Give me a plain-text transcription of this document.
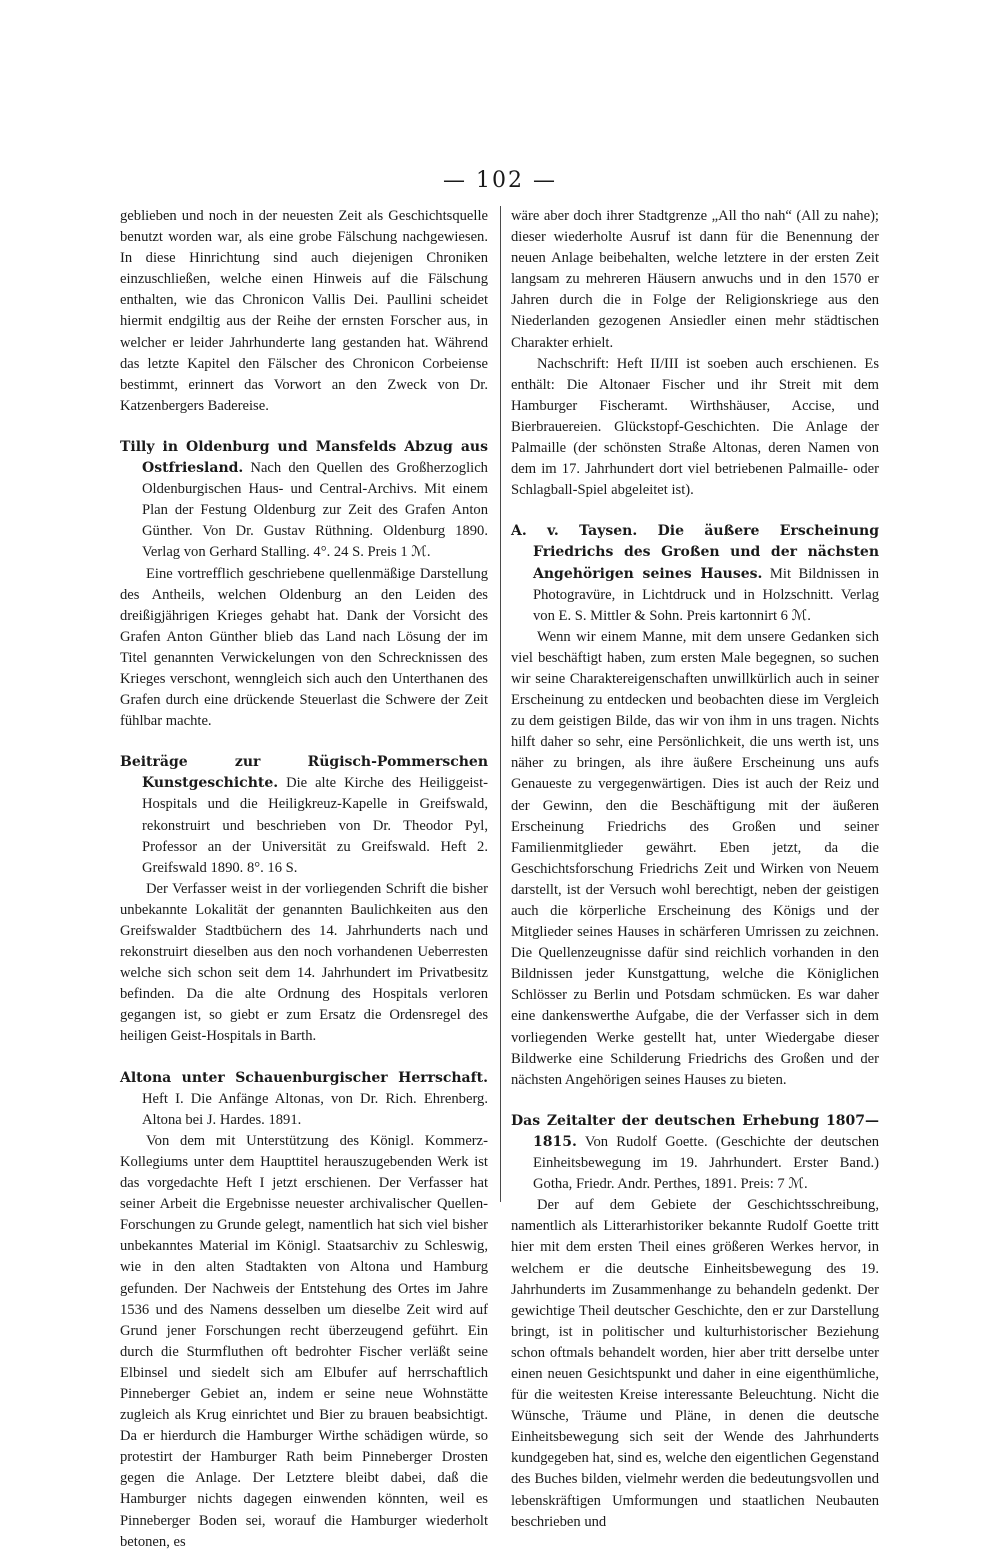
— 102 —

geblieben und noch in der neuesten Zeit als Geschichtsquelle benutzt worden war, als eine grobe Fälschung nachgewiesen. In diese Hinrichtung sind auch diejenigen Chroniken einzuschließen, welche einen Hinweis auf die Fälschung enthalten, wie das Chronicon Vallis Dei. Paullini scheidet hiermit endgiltig aus der Reihe der ernsten Forscher aus, in welcher er leider Jahrhunderte lang gestanden hat. Während das letzte Kapitel den Fälscher des Chronicon Corbeiense bestimmt, erinnert das Vorwort an den Zweck von Dr. Katzenbergers Badereise.

Tilly in Oldenburg und Mansfelds Abzug aus Ostfriesland. Nach den Quellen des Großherzoglich Oldenburgischen Haus- und Central-Archivs. Mit einem Plan der Festung Oldenburg zur Zeit des Grafen Anton Günther. Von Dr. Gustav Rüthning. Oldenburg 1890. Verlag von Gerhard Stalling. 4°. 24 S. Preis 1 ℳ.

Eine vortrefflich geschriebene quellenmäßige Darstellung des Antheils, welchen Oldenburg an den Leiden des dreißigjährigen Krieges gehabt hat. Dank der Vorsicht des Grafen Anton Günther blieb das Land nach Lösung der im Titel genannten Verwickelungen von den Schrecknissen des Krieges verschont, wenngleich sich auch den Unterthanen des Grafen durch eine drückende Steuerlast die Schwere der Zeit fühlbar machte.

Beiträge zur Rügisch-Pommerschen Kunstgeschichte. Die alte Kirche des Heiliggeist-Hospitals und die Heiligkreuz-Kapelle in Greifswald, rekonstruirt und beschrieben von Dr. Theodor Pyl, Professor an der Universität zu Greifswald. Heft 2. Greifswald 1890. 8°. 16 S.

Der Verfasser weist in der vorliegenden Schrift die bisher unbekannte Lokalität der genannten Baulichkeiten aus den Greifswalder Stadtbüchern des 14. Jahrhunderts nach und rekonstruirt dieselben aus den noch vorhandenen Ueberresten welche sich schon seit dem 14. Jahrhundert im Privatbesitz befinden. Da die alte Ordnung des Hospitals verloren gegangen ist, so giebt er zum Ersatz die Ordensregel des heiligen Geist-Hospitals in Barth.

Altona unter Schauenburgischer Herrschaft. Heft I. Die Anfänge Altonas, von Dr. Rich. Ehrenberg. Altona bei J. Hardes. 1891.

Von dem mit Unterstützung des Königl. Kommerz-Kollegiums unter dem Haupttitel herauszugebenden Werk ist das vorgedachte Heft I jetzt erschienen. Der Verfasser hat seiner Arbeit die Ergebnisse neuester archivalischer Quellen-Forschungen zu Grunde gelegt, namentlich hat sich viel bisher unbekanntes Material im Königl. Staatsarchiv zu Schleswig, wie in den alten Stadtakten von Altona und Hamburg gefunden. Der Nachweis der Entstehung des Ortes im Jahre 1536 und des Namens desselben um dieselbe Zeit wird auf Grund jener Forschungen recht überzeugend geführt. Ein durch die Sturmfluthen oft bedrohter Fischer verläßt seine Elbinsel und siedelt sich am Elbufer auf herrschaftlich Pinneberger Gebiet an, indem er seine neue Wohnstätte zugleich als Krug einrichtet und Bier zu brauen beabsichtigt. Da er hierdurch die Hamburger Wirthe schädigen würde, so protestirt der Hamburger Rath beim Pinneberger Drosten gegen die Anlage. Der Letztere bleibt dabei, daß die Hamburger nichts dagegen einwenden könnten, weil es Pinneberger Boden sei, worauf die Hamburger wiederholt betonen, es

wäre aber doch ihrer Stadtgrenze „All tho nah“ (All zu nahe); dieser wiederholte Ausruf ist dann für die Benennung der neuen Anlage beibehalten, welche letztere in der ersten Zeit langsam zu mehreren Häusern anwuchs und in den 1570 er Jahren durch die in Folge der Religionskriege aus den Niederlanden gezogenen Ansiedler einen mehr städtischen Charakter erhielt.

Nachschrift: Heft II/III ist soeben auch erschienen. Es enthält: Die Altonaer Fischer und ihr Streit mit dem Hamburger Fischeramt. Wirthshäuser, Accise, und Bierbrauereien. Glückstopf-Geschichten. Die Anlage der Palmaille (der schönsten Straße Altonas, deren Namen von dem im 17. Jahrhundert dort viel betriebenen Palmaille- oder Schlagball-Spiel abgeleitet ist).

A. v. Taysen. Die äußere Erscheinung Friedrichs des Großen und der nächsten Angehörigen seines Hauses. Mit Bildnissen in Photogravüre, in Lichtdruck und in Holzschnitt. Verlag von E. S. Mittler & Sohn. Preis kartonnirt 6 ℳ.

Wenn wir einem Manne, mit dem unsere Gedanken sich viel beschäftigt haben, zum ersten Male begegnen, so suchen wir seine Charaktereigenschaften unwillkürlich auch in seiner Erscheinung zu entdecken und beobachten diese im Vergleich zu dem geistigen Bilde, das wir von ihm in uns tragen. Nichts hilft daher so sehr, eine Persönlichkeit, die uns werth ist, uns näher zu bringen, als ihre äußere Erscheinung uns aufs Genaueste zu vergegenwärtigen. Dies ist auch der Reiz und der Gewinn, den die Beschäftigung mit der äußeren Erscheinung Friedrichs des Großen und seiner Familienmitglieder gewährt. Eben jetzt, da die Geschichtsforschung Friedrichs Zeit und Wirken von Neuem darstellt, ist der Versuch wohl berechtigt, neben der geistigen auch die körperliche Erscheinung des Königs und der Mitglieder seines Hauses in schärferen Umrissen zu zeichnen. Die Quellenzeugnisse dafür sind reichlich vorhanden in den Bildnissen jeder Kunstgattung, welche die Königlichen Schlösser zu Berlin und Potsdam schmücken. Es war daher eine dankenswerthe Aufgabe, die der Verfasser sich in dem vorliegenden Werke gestellt hat, unter Wiedergabe dieser Bildwerke eine Schilderung Friedrichs des Großen und der nächsten Angehörigen seines Hauses zu bieten.

Das Zeitalter der deutschen Erhebung 1807—1815. Von Rudolf Goette. (Geschichte der deutschen Einheitsbewegung im 19. Jahrhundert. Erster Band.) Gotha, Friedr. Andr. Perthes, 1891. Preis: 7 ℳ.

Der auf dem Gebiete der Geschichtsschreibung, namentlich als Litterarhistoriker bekannte Rudolf Goette tritt hier mit dem ersten Theil eines größeren Werkes hervor, in welchem er die deutsche Einheitsbewegung des 19. Jahrhunderts im Zusammenhange zu behandeln gedenkt. Der gewichtige Theil deutscher Geschichte, den er zur Darstellung bringt, ist in politischer und kulturhistorischer Beziehung schon oftmals behandelt worden, hier aber tritt derselbe unter einen neuen Gesichtspunkt und daher in eine eigenthümliche, für die weitesten Kreise interessante Beleuchtung. Nicht die Wünsche, Träume und Pläne, in denen die deutsche Einheitsbewegung sich seit der Wende des Jahrhunderts kundgegeben hat, sind es, welche den eigentlichen Gegenstand des Buches bilden, vielmehr werden die bedeutungsvollen und lebenskräftigen Umformungen und staatlichen Neubauten beschrieben und
